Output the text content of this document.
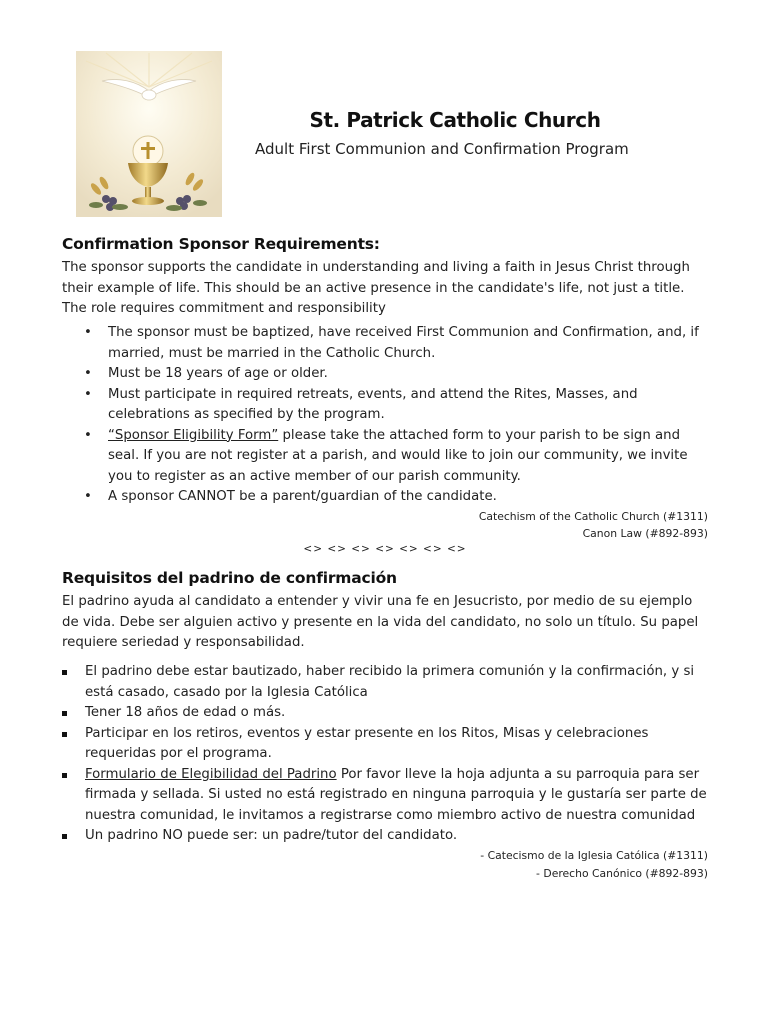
St. Patrick Catholic Church
Adult First Communion and Confirmation Program
Confirmation Sponsor Requirements:
The sponsor supports the candidate in understanding and living a faith in Jesus Christ through their example of life. This should be an active presence in the candidate's life, not just a title. The role requires commitment and responsibility
• The sponsor must be baptized, have received First Communion and Confirmation, and, if married, must be married in the Catholic Church.
• Must be 18 years of age or older.
• Must participate in required retreats, events, and attend the Rites, Masses, and celebrations as specified by the program.
• “Sponsor Eligibility Form” please take the attached form to your parish to be sign and seal. If you are not register at a parish, and would like to join our community, we invite you to register as an active member of our parish community.
• A sponsor CANNOT be a parent/guardian of the candidate.
Catechism of the Catholic Church (#1311)
Canon Law (#892-893)
<> <> <> <> <> <> <>
Requisitos del padrino de confirmación
El padrino ayuda al candidato a entender y vivir una fe en Jesucristo, por medio de su ejemplo de vida. Debe ser alguien activo y presente en la vida del candidato, no solo un título. Su papel requiere seriedad y responsabilidad.
El padrino debe estar bautizado, haber recibido la primera comunión y la confirmación, y si está casado, casado por la Iglesia Católica
Tener 18 años de edad o más.
Participar en los retiros, eventos y estar presente en los Ritos, Misas y celebraciones requeridas por el programa.
Formulario de Elegibilidad del Padrino Por favor lleve la hoja adjunta a su parroquia para ser firmada y sellada. Si usted no está registrado en ninguna parroquia y le gustaría ser parte de nuestra comunidad, le invitamos a registrarse como miembro activo de nuestra comunidad
Un padrino NO puede ser: un padre/tutor del candidato.
- Catecismo de la Iglesia Católica (#1311)
- Derecho Canónico (#892-893)
